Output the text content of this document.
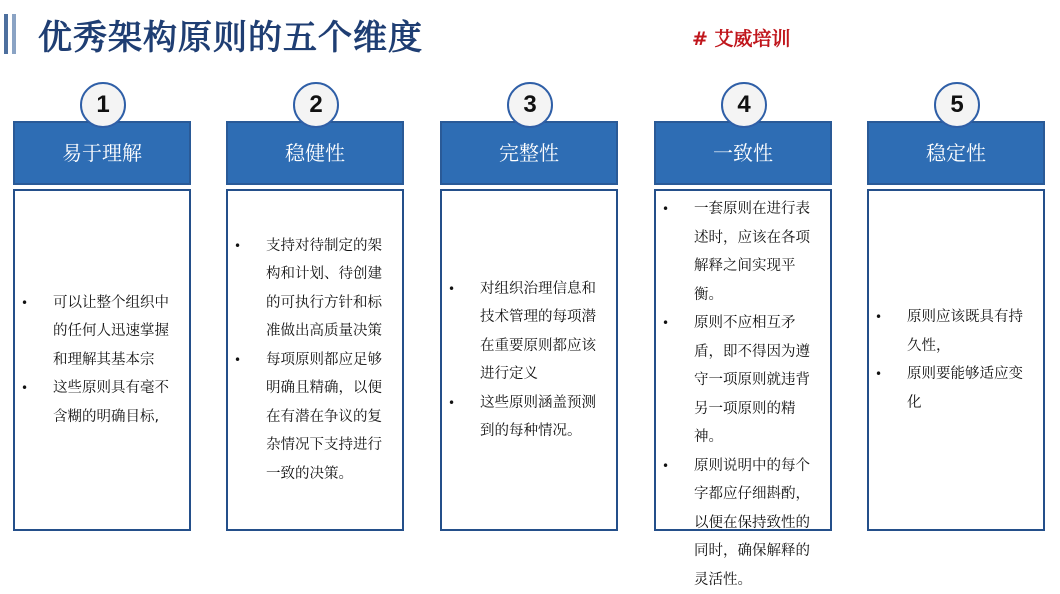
优秀架构原则的五个维度	# 艾威培训
1
易于理解
• 可以让整个组织中的任何人迅速掌握和理解其基本宗
• 这些原则具有毫不含糊的明确目标,
2
稳健性
• 支持对待制定的架构和计划、待创建的可执行方针和标准做出高质量决策
• 每项原则都应足够明确且精确，以便在有潜在争议的复杂情况下支持进行一致的决策。
3
完整性
• 对组织治理信息和技术管理的每项潜在重要原则都应该进行定义
• 这些原则涵盖预测到的每种情况。
4
一致性
• 一套原则在进行表述时，应该在各项解释之间实现平衡。
• 原则不应相互矛盾，即不得因为遵守一项原则就违背另一项原则的精神。
• 原则说明中的每个字都应仔细斟酌，以便在保持致性的同时，确保解释的灵活性。
5
稳定性
• 原则应该既具有持久性，
• 原则要能够适应变化
